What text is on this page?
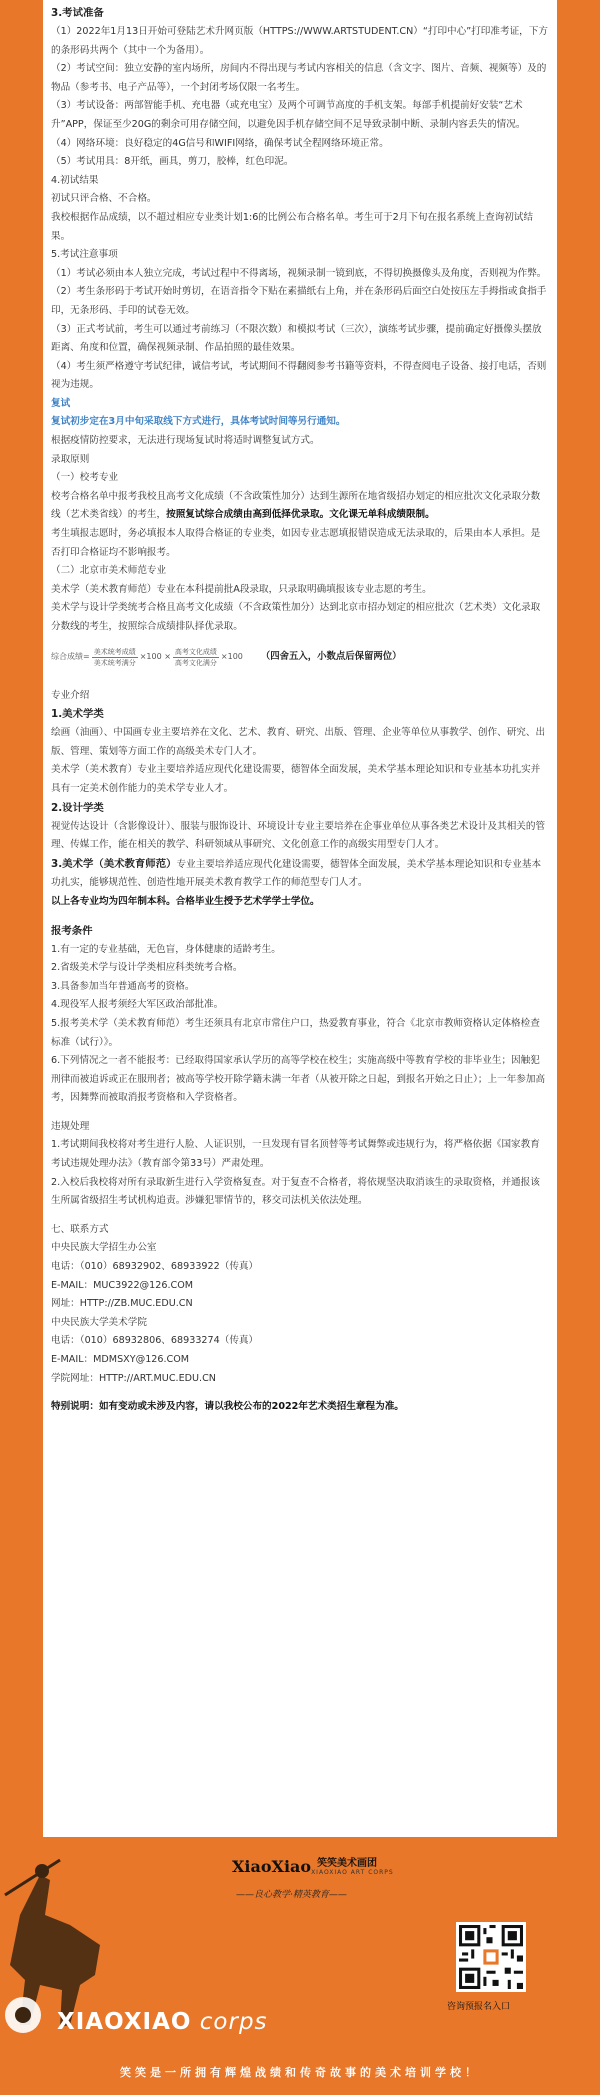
3.考试准备

（1）2022年1月13日开始可登陆艺术升网页版（HTTPS://WWW.ARTSTUDENT.CN）“打印中心”打印准考证，下方的条形码共两个（其中一个为备用）。

（2）考试空间：独立安静的室内场所，房间内不得出现与考试内容相关的信息（含文字、图片、音频、视频等）及的物品（参考书、电子产品等），一个封闭考场仅限一名考生。

（3）考试设备：两部智能手机、充电器（或充电宝）及两个可调节高度的手机支架。每部手机提前好安装“艺术升”APP，保证至少20G的剩余可用存储空间，以避免因手机存储空间不足导致录制中断、录制内容丢失的情况。

（4）网络环境：良好稳定的4G信号和WIFI网络，确保考试全程网络环境正常。

（5）考试用具：8开纸，画具，剪刀，胶棒，红色印泥。

4.初试结果

初试只评合格、不合格。

我校根据作品成绩，以不超过相应专业类计划1:6的比例公布合格名单。考生可于2月下旬在报名系统上查询初试结果。

5.考试注意事项

（1）考试必须由本人独立完成，考试过程中不得离场，视频录制一镜到底，不得切换摄像头及角度，否则视为作弊。

（2）考生条形码于考试开始时剪切，在语音指令下贴在素描纸右上角，并在条形码后面空白处按压左手拇指或食指手印，无条形码、手印的试卷无效。

（3）正式考试前，考生可以通过考前练习（不限次数）和模拟考试（三次），演练考试步骤，提前确定好摄像头摆放距离、角度和位置，确保视频录制、作品拍照的最佳效果。

（4）考生须严格遵守考试纪律，诚信考试，考试期间不得翻阅参考书籍等资料，不得查阅电子设备、接打电话，否则视为违规。

复试
复试初步定在3月中旬采取线下方式进行，具体考试时间等另行通知。

根据疫情防控要求，无法进行现场复试时将适时调整复试方式。

录取原则
（一）校考专业

校考合格名单中报考我校且高考文化成绩（不含政策性加分）达到生源所在地省级招办划定的相应批次文化录取分数线（艺术类省线）的考生，按照复试综合成绩由高到低择优录取。文化课无单科成绩限制。

考生填报志愿时，务必填报本人取得合格证的专业类，如因专业志愿填报错误造成无法录取的，后果由本人承担。是否打印合格证均不影响报考。

（二）北京市美术师范专业

美术学（美术教育师范）专业在本科提前批A段录取，只录取明确填报该专业志愿的考生。

美术学与设计学类统考合格且高考文化成绩（不含政策性加分）达到北京市招办划定的相应批次（艺术类）文化录取分数线的考生，按照综合成绩排队择优录取。

综合成绩= $\frac{\text{美术统考成绩}}{\text{美术统考满分}} \times 100 \times \frac{\text{高考文化成绩}}{\text{高考文化满分}} \times 100$ （四舍五入，小数点后保留两位）
专业介绍
1.美术学类

绘画（油画）、中国画专业主要培养在文化、艺术、教育、研究、出版、管理、企业等单位从事教学、创作、研究、出版、管理、策划等方面工作的高级美术专门人才。

美术学（美术教育）专业主要培养适应现代化建设需要，德智体全面发展，美术学基本理论知识和专业基本功扎实并具有一定美术创作能力的美术学专业人才。

2.设计学类

视觉传达设计（含影像设计）、服装与服饰设计、环境设计专业主要培养在企事业单位从事各类艺术设计及其相关的管理、传媒工作，能在相关的教学、科研领域从事研究、文化创意工作的高级实用型专门人才。

3.美术学（美术教育师范）专业主要培养适应现代化建设需要，德智体全面发展，美术学基本理论知识和专业基本功扎实，能够规范性、创造性地开展美术教育教学工作的师范型专门人才。

以上各专业均为四年制本科。合格毕业生授予艺术学学士学位。
报考条件

1.有一定的专业基础，无色盲，身体健康的适龄考生。

2.省级美术学与设计学类相应科类统考合格。

3.具备参加当年普通高考的资格。

4.现役军人报考须经大军区政治部批准。

5.报考美术学（美术教育师范）考生还须具有北京市常住户口，热爱教育事业，符合《北京市教师资格认定体格检查标准（试行）》。

6.下列情况之一者不能报考：已经取得国家承认学历的高等学校在校生；实施高级中等教育学校的非毕业生；因触犯刑律而被追诉或正在服刑者；被高等学校开除学籍未满一年者（从被开除之日起，到报名开始之日止）；上一年参加高考，因舞弊而被取消报考资格和入学资格者。

违规处理

1.考试期间我校将对考生进行人脸、人证识别，一旦发现有冒名顶替等考试舞弊或违规行为，将严格依据《国家教育考试违规处理办法》（教育部令第33号）严肃处理。

2.入校后我校将对所有录取新生进行入学资格复查。对于复查不合格者，将依规坚决取消该生的录取资格，并通报该生所属省级招生考试机构追责。涉嫌犯罪情节的，移交司法机关依法处理。

七、联系方式

中央民族大学招生办公室

电话：（010）68932902、68933922（传真）

E-MAIL：MUC3922@126.COM

网址：HTTP://ZB.MUC.EDU.CN

中央民族大学美术学院

电话：（010）68932806、68933274（传真）

E-MAIL：MDMSXY@126.COM

学院网址：HTTP://ART.MUC.EDU.CN

特别说明：如有变动或未涉及内容，请以我校公布的2022年艺术类招生章程为准。
XiaoXiao 笑笑美术画团
XIAOXIAO ART CORPS
——良心教学·精英教育——
XIAOXIAO corps
咨询预报名入口
笑笑是一所拥有辉煌战绩和传奇故事的美术培训学校！
